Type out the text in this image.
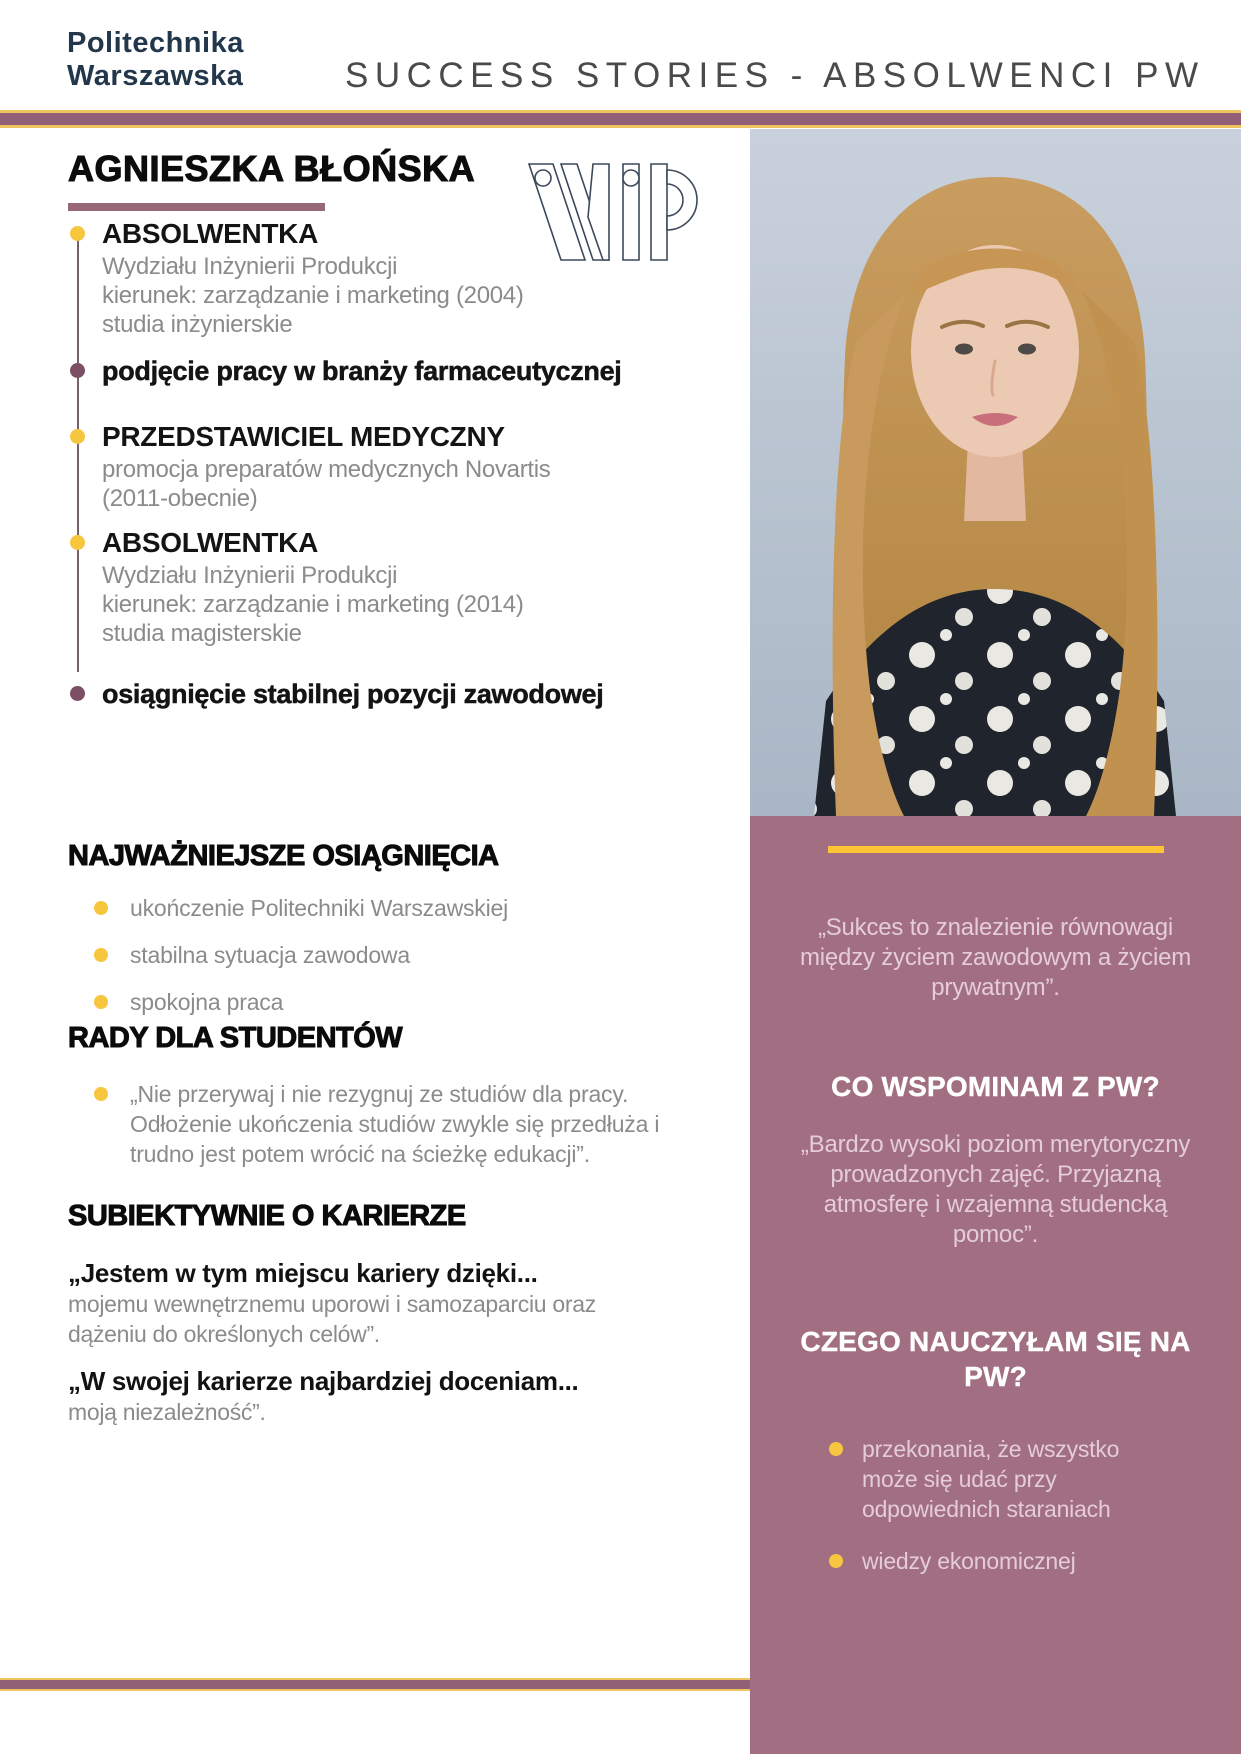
Politechnika
Warszawska	SUCCESS STORIES - ABSOLWENCI PW
AGNIESZKA BŁOŃSKA
ABSOLWENTKA
Wydziału Inżynierii Produkcji
kierunek: zarządzanie i marketing (2004)
studia inżynierskie
podjęcie pracy w branży farmaceutycznej
PRZEDSTAWICIEL MEDYCZNY
promocja preparatów medycznych Novartis
(2011-obecnie)
ABSOLWENTKA
Wydziału Inżynierii Produkcji
kierunek: zarządzanie i marketing (2014)
studia magisterskie
osiągnięcie stabilnej pozycji zawodowej
NAJWAŻNIEJSZE OSIĄGNIĘCIA
ukończenie Politechniki Warszawskiej
stabilna sytuacja zawodowa
spokojna praca
RADY DLA STUDENTÓW
„Nie przerywaj i nie rezygnuj ze studiów dla pracy. Odłożenie ukończenia studiów zwykle się przedłuża i trudno jest potem wrócić na ścieżkę edukacji”.
SUBIEKTYWNIE O KARIERZE
„Jestem w tym miejscu kariery dzięki...
mojemu wewnętrznemu uporowi i samozaparciu oraz dążeniu do określonych celów”.
„W swojej karierze najbardziej doceniam...
moją niezależność”.

„Sukces to znalezienie równowagi między życiem zawodowym a życiem prywatnym”.

CO WSPOMINAM Z PW?

„Bardzo wysoki poziom merytoryczny prowadzonych zajęć. Przyjazną atmosferę i wzajemną studencką pomoc”.

CZEGO NAUCZYŁAM SIĘ NA PW?
przekonania, że wszystko może się udać przy odpowiednich staraniach
wiedzy ekonomicznej
